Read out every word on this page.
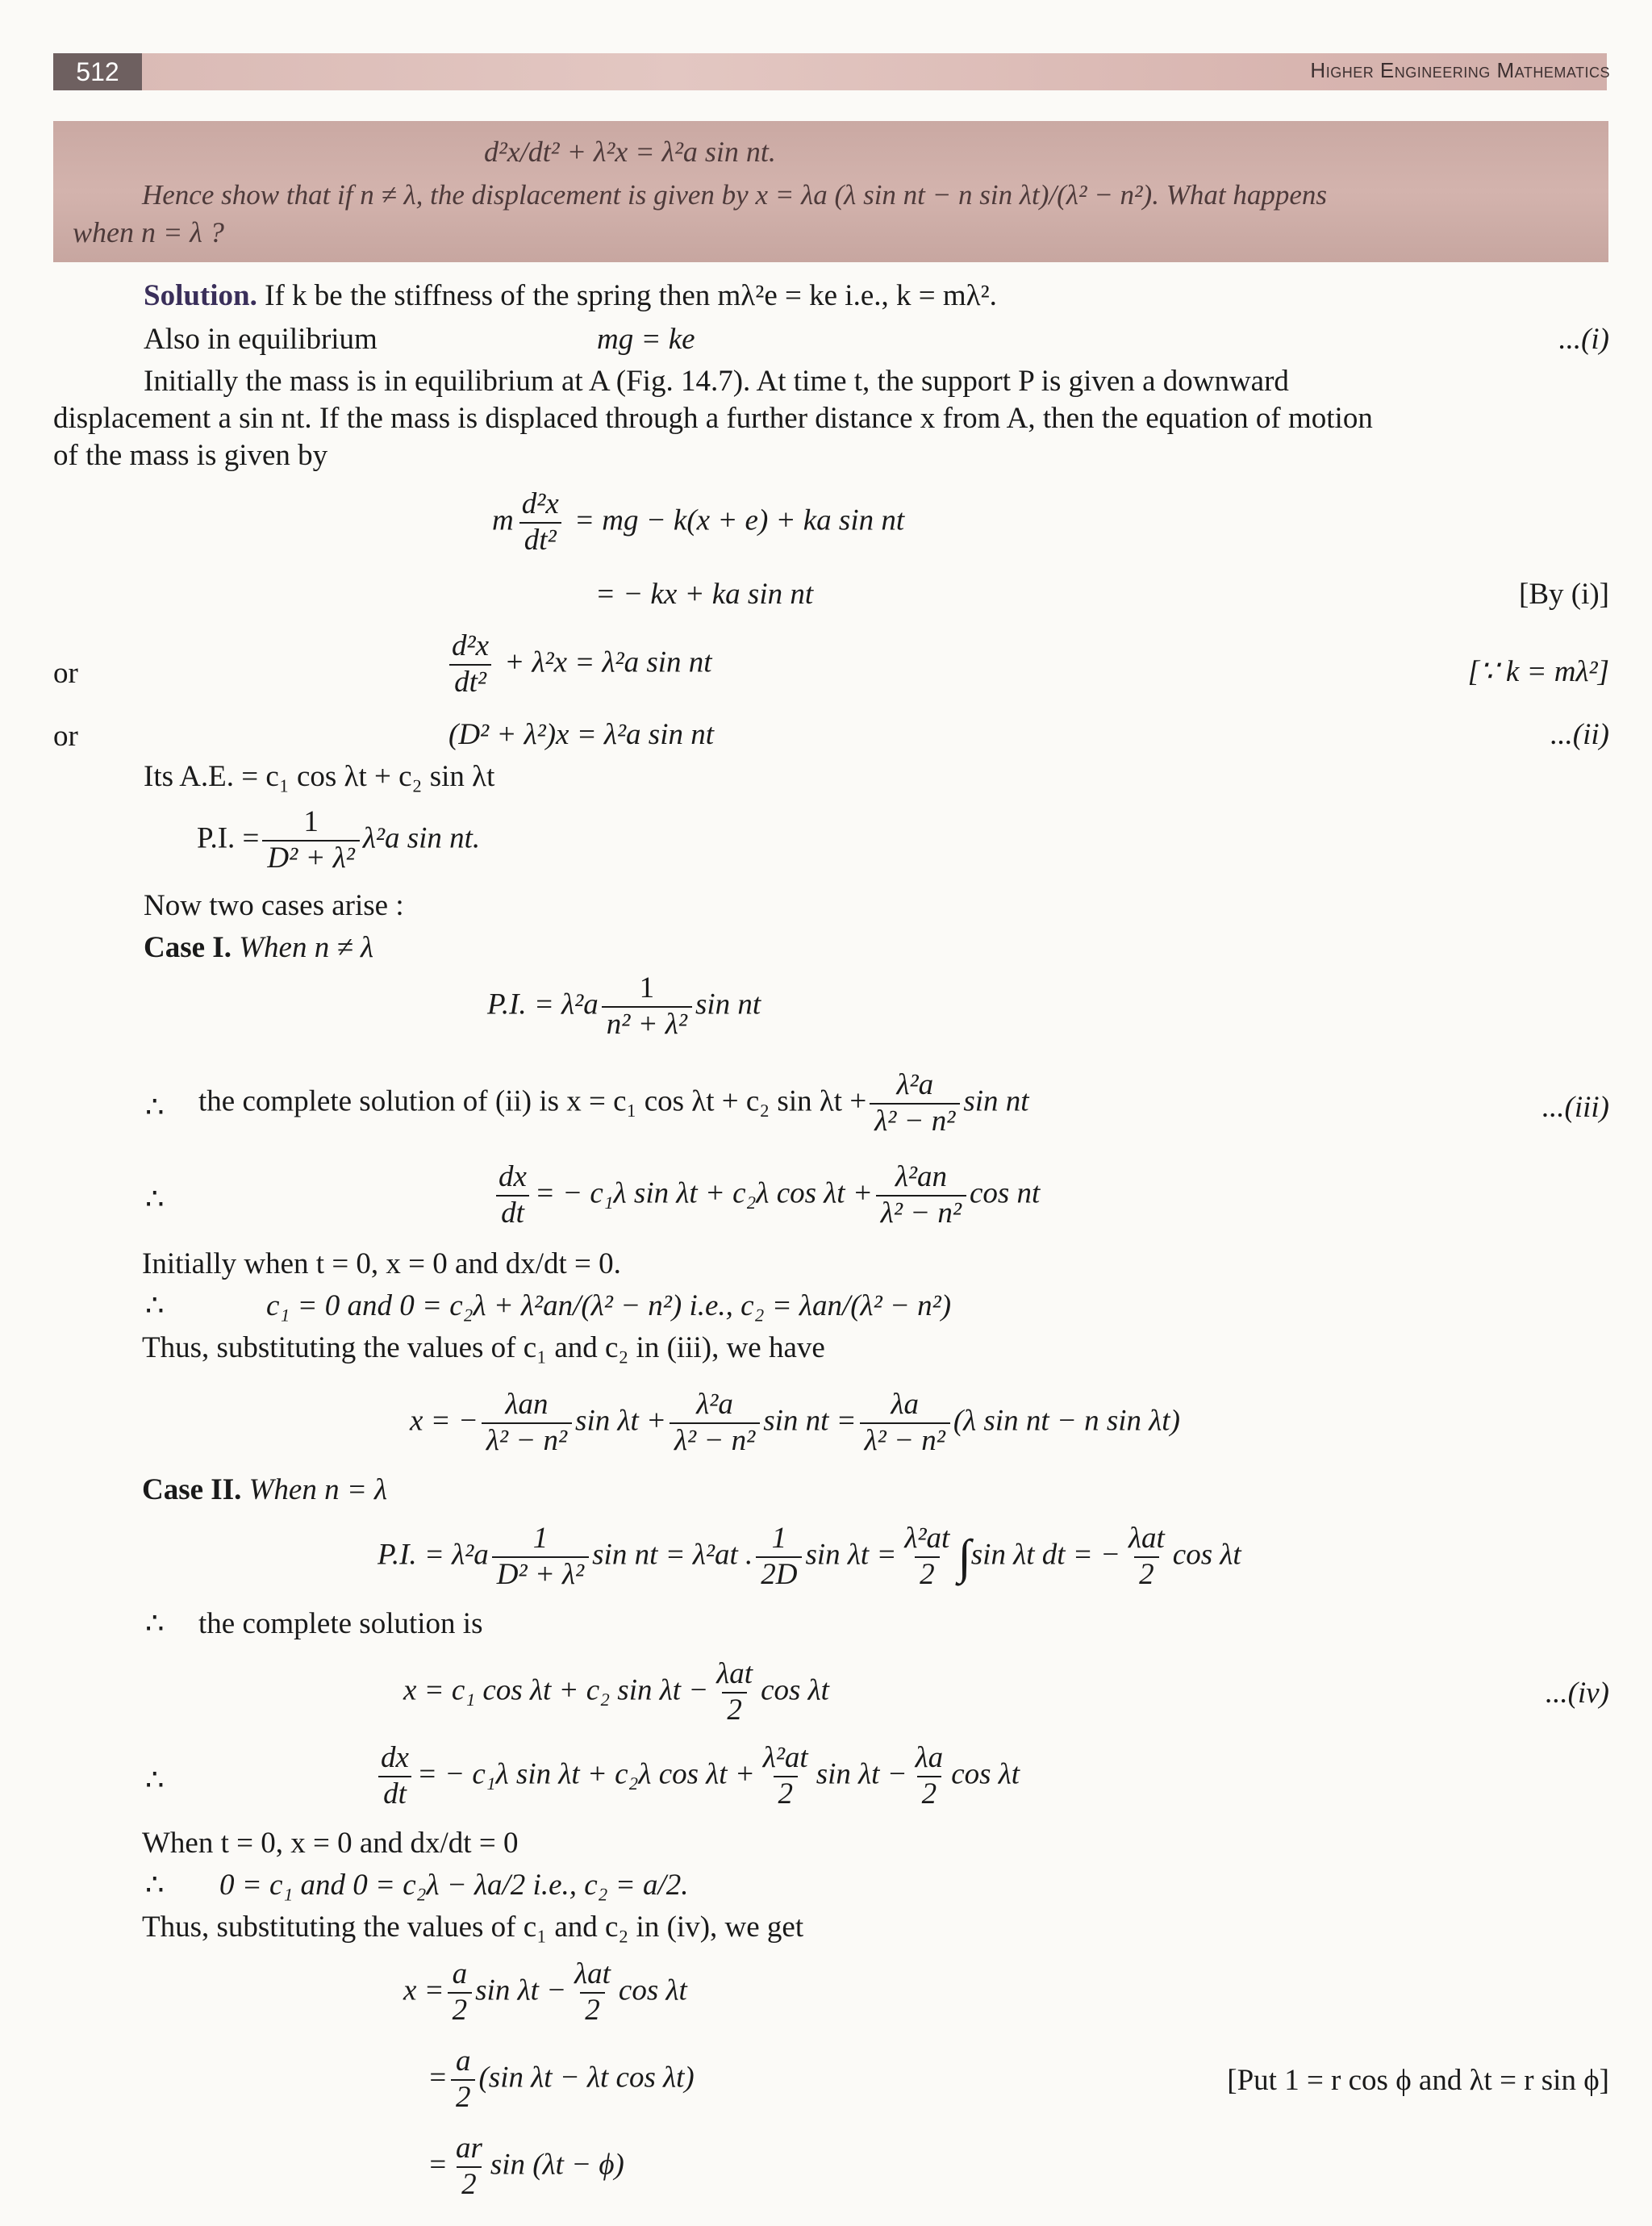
512	Higher Engineering Mathematics
d²x/dt² + λ²x = λ²a sin nt.
Hence show that if n ≠ λ, the displacement is given by x = λa (λ sin nt − n sin λt)/(λ² − n²). What happens
when n = λ ?
Solution. If k be the stiffness of the spring then mλ²e = ke i.e., k = mλ².
Also in equilibrium	mg = ke	...(i)
Initially the mass is in equilibrium at A (Fig. 14.7). At time t, the support P is given a downward
displacement a sin nt. If the mass is displaced through a further distance x from A, then the equation of motion
of the mass is given by
m $\frac{\text{d²x}}{\text{dt²}}$ = mg − k(x + e) + ka sin nt
= − kx + ka sin nt	[By (i)]
or	$\frac{\text{d²x}}{\text{dt²}} + \lambda^2x = \lambda^2a$ sin nt	[∵ k = mλ²]
or	(D² + λ²)x = λ²a sin nt	...(ii)
Its A.E. = c₁ cos λt + c₂ sin λt
P.I. = $\frac{1}{\text{D² + λ²}} \lambda^2a$ sin nt.
Now two cases arise :
Case I. When n ≠ λ
P.I. = $\lambda^2a \frac{1}{\text{n² + λ²}}$ sin nt
∴ the complete solution of (ii) is x = c₁ cos λt + c₂ $\sin \lambda t + \frac{\text{λ²a}}{\text{λ² − n²}}$ sin nt	...(iii)
∴	$\frac{dx}{dt}$ = − c₁λ sin λt + c₂λ $\cos \lambda t + \frac{\text{λ²an}}{\text{λ² − n²}}$ cos nt
Initially when t = 0, x = 0 and dx/dt = 0.
∴	c₁ = 0 and 0 = c₂λ + λ²an/(λ² − n²) i.e., c₂ = λan/(λ² − n²)
Thus, substituting the values of c₁ and c₂ in (iii), we have
x = − $\frac{\text{λan}}{\text{λ² − n²}}$ $\sin \lambda t + \frac{\text{λ²a}}{\text{λ² − n²}}$ sin nt = $\frac{\lambda a}{\text{λ² − n²}} (\lambda$ sin nt − n sin λt)
Case II. When n = λ
P.I. = $\lambda^2a \frac{1}{\text{D² + λ²}}$ sin nt = λ²at . $\frac{1}{2D}$ $\sin \lambda t = \frac{\text{λ²at}}{2} \int\sin$ λt dt = − $\frac{\text{λat}}{2}$ cos λt
∴ the complete solution is
x = c₁ cos λt + c₂ $\sin \lambda t - \frac{\text{λat}}{2}$ cos λt	...(iv)
∴	$\frac{dx}{dt}$ = − c₁λ sin λt + c₂λ $\cos \lambda t + \frac{\text{λ²at}}{2}$ $\sin \lambda t - \frac{\lambda a}{2}$ cos λt
When t = 0, x = 0 and dx/dt = 0
∴ 0 = c₁ and 0 = c₂λ − λa/2 i.e., c₂ = a/2.
Thus, substituting the values of c₁ and c₂ in (iv), we get
$x = \frac{a}{2}$ $\sin \lambda t - \frac{\text{λat}}{2}$ cos λt
= $\frac{a}{2} (\sin$ λt − λt cos λt)	[Put 1 = r cos ϕ and λt = r sin ϕ]
= $\frac{ar}{2}$ sin (λt − ϕ)
